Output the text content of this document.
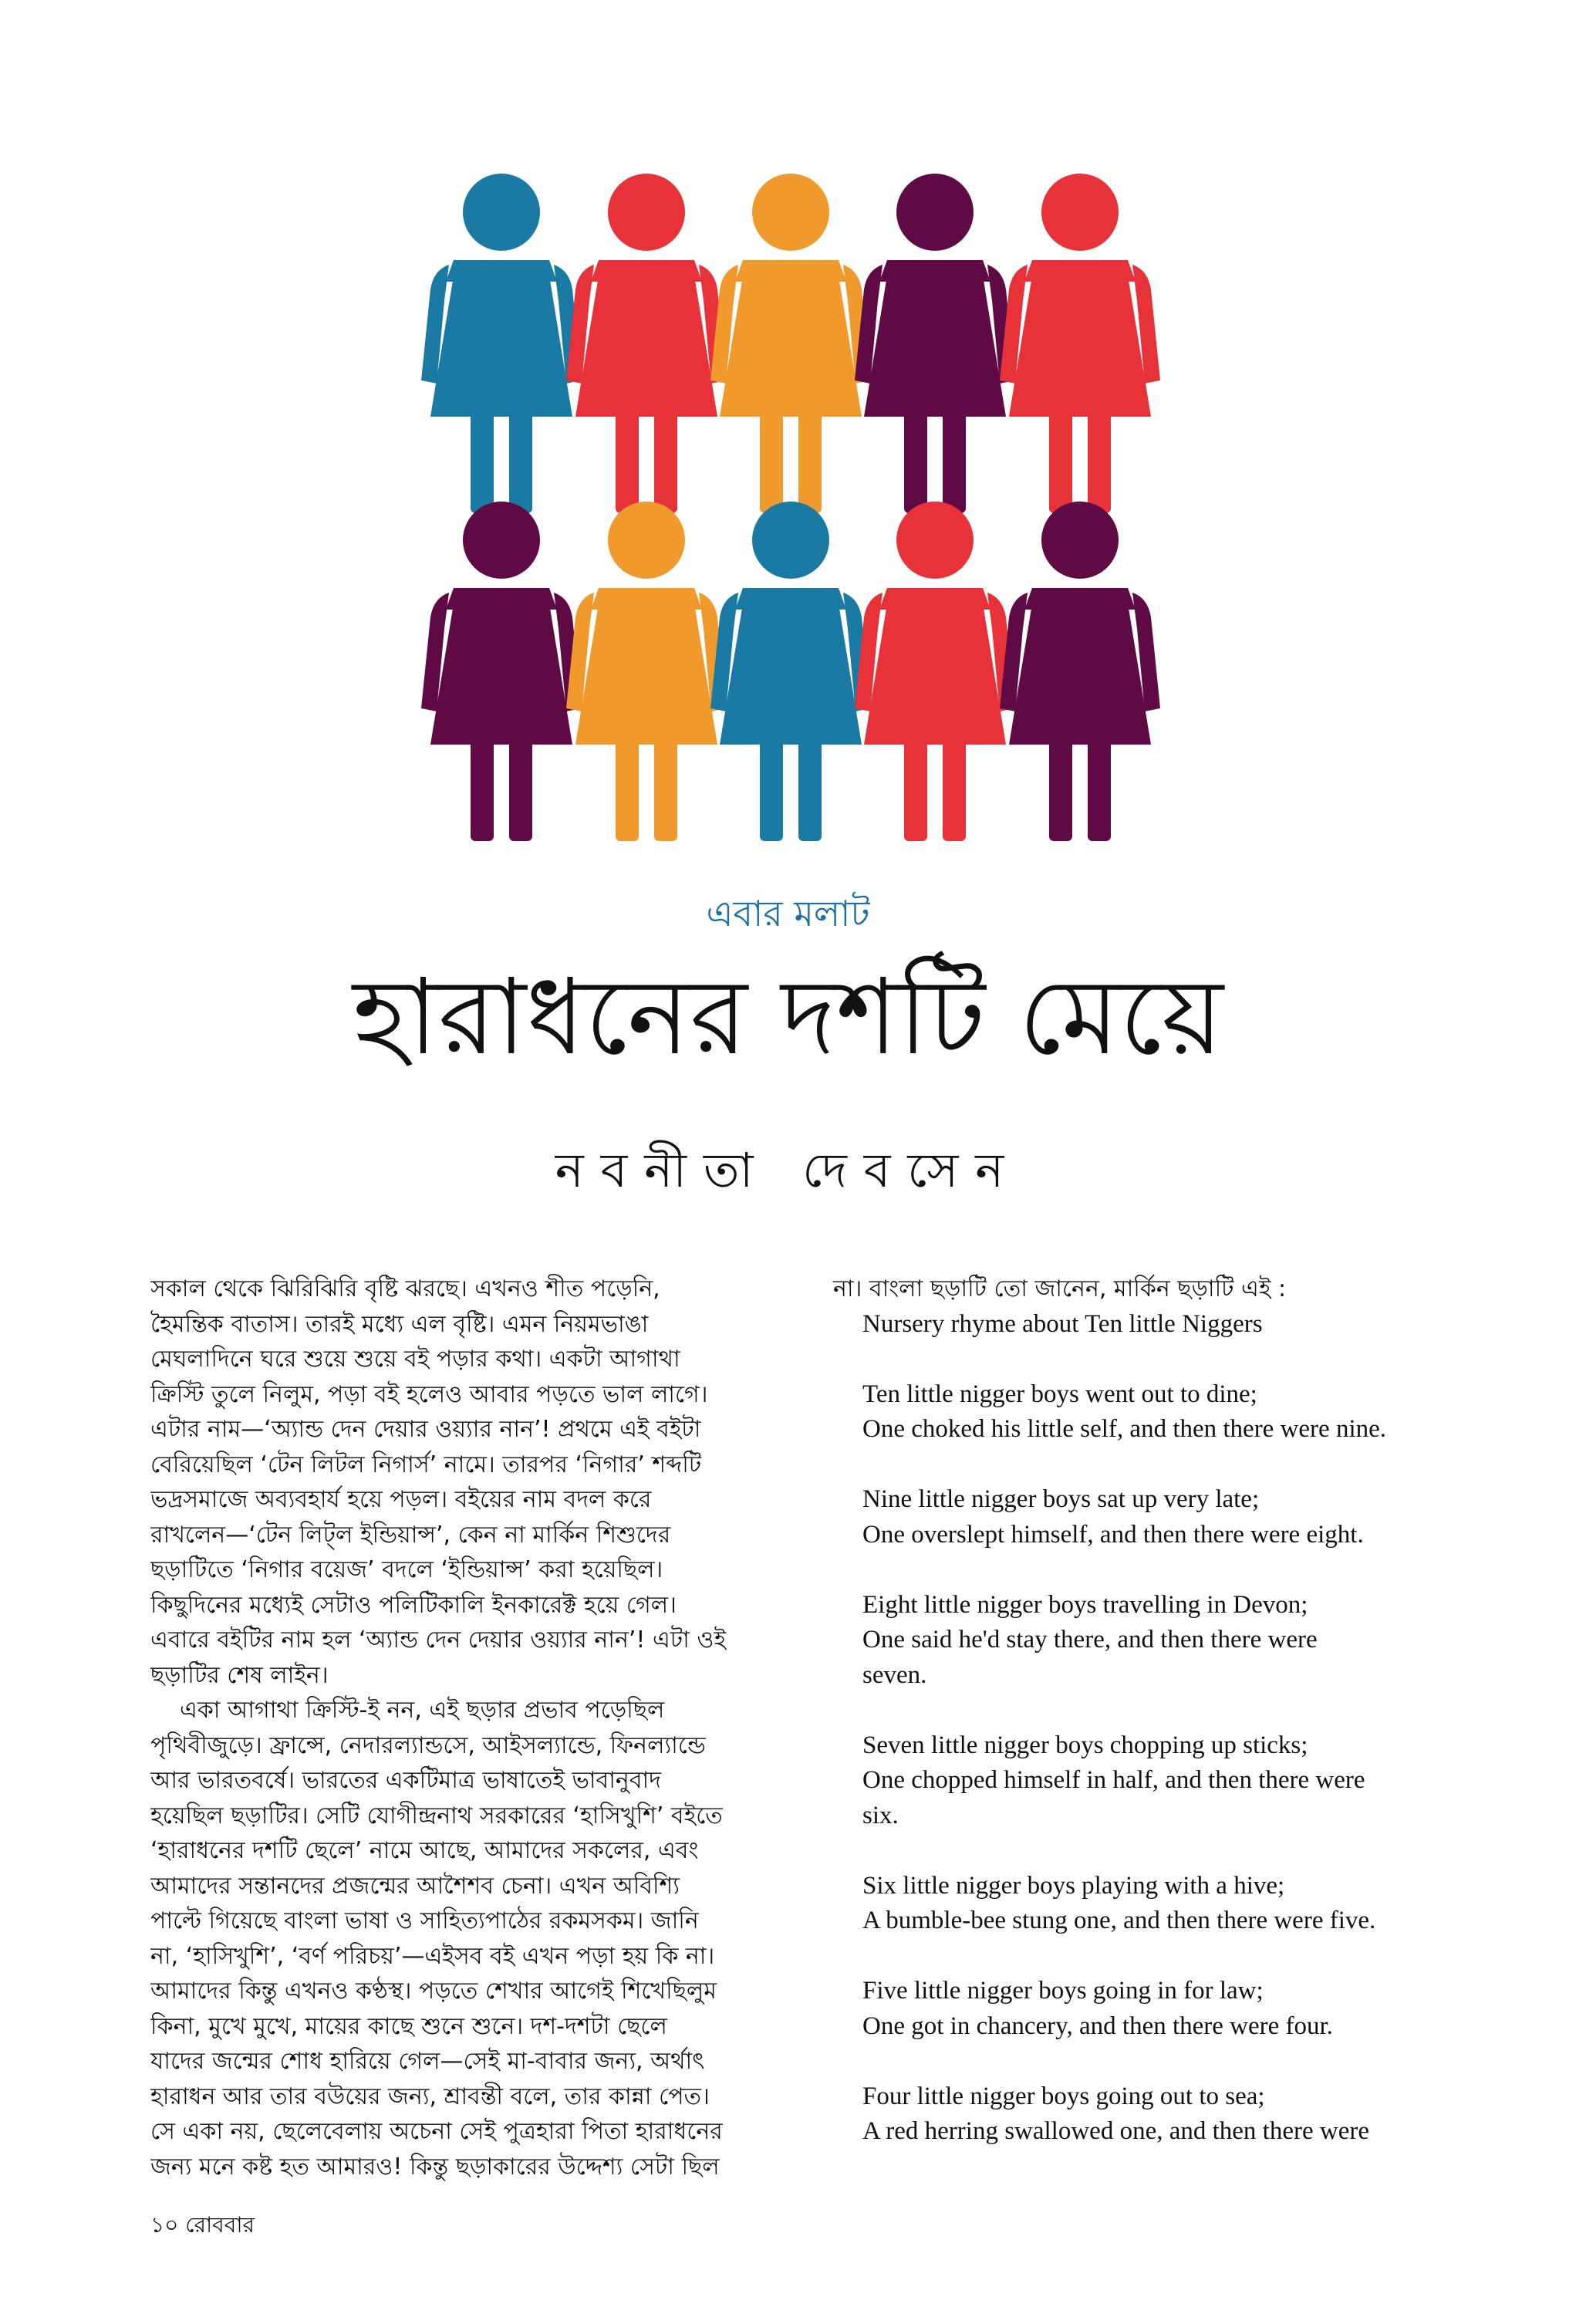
এবার মলাট

হারাধনের দশটি মেয়ে

নবনীতা দেবসেন

সকাল থেকে ঝিরিঝিরি বৃষ্টি ঝরছে। এখনও শীত পড়েনি,
হৈমন্তিক বাতাস। তারই মধ্যে এল বৃষ্টি। এমন নিয়মভাঙা
মেঘলাদিনে ঘরে শুয়ে শুয়ে বই পড়ার কথা। একটা আগাথা
ক্রিস্টি তুলে নিলুম, পড়া বই হলেও আবার পড়তে ভাল লাগে।
এটার নাম—‘অ্যান্ড দেন দেয়ার ওয়্যার নান’! প্রথমে এই বইটা
বেরিয়েছিল ‘টেন লিটল নিগার্স’ নামে। তারপর ‘নিগার’ শব্দটি
ভদ্রসমাজে অব্যবহার্য হয়ে পড়ল। বইয়ের নাম বদল করে
রাখলেন—‘টেন লিট্‌ল ইন্ডিয়ান্স’, কেন না মার্কিন শিশুদের
ছড়াটিতে ‘নিগার বয়েজ’ বদলে ‘ইন্ডিয়ান্স’ করা হয়েছিল।
কিছুদিনের মধ্যেই সেটাও পলিটিকালি ইনকারেক্ট হয়ে গেল।
এবারে বইটির নাম হল ‘অ্যান্ড দেন দেয়ার ওয়্যার নান’! এটা ওই
ছড়াটির শেষ লাইন।
একা আগাথা ক্রিস্টি-ই নন, এই ছড়ার প্রভাব পড়েছিল
পৃথিবীজুড়ে। ফ্রান্সে, নেদারল্যান্ডসে, আইসল্যান্ডে, ফিনল্যান্ডে
আর ভারতবর্ষে। ভারতের একটিমাত্র ভাষাতেই ভাবানুবাদ
হয়েছিল ছড়াটির। সেটি যোগীন্দ্রনাথ সরকারের ‘হাসিখুশি’ বইতে
‘হারাধনের দশটি ছেলে’ নামে আছে, আমাদের সকলের, এবং
আমাদের সন্তানদের প্রজন্মের আশৈশব চেনা। এখন অবিশ্যি
পাল্টে গিয়েছে বাংলা ভাষা ও সাহিত্যপাঠের রকমসকম। জানি
না, ‘হাসিখুশি’, ‘বর্ণ পরিচয়’—এইসব বই এখন পড়া হয় কি না।
আমাদের কিন্তু এখনও কণ্ঠস্থ। পড়তে শেখার আগেই শিখেছিলুম
কিনা, মুখে মুখে, মায়ের কাছে শুনে শুনে। দশ-দশটা ছেলে
যাদের জন্মের শোধ হারিয়ে গেল—সেই মা-বাবার জন্য, অর্থাৎ
হারাধন আর তার বউয়ের জন্য, শ্রাবন্তী বলে, তার কান্না পেত।
সে একা নয়, ছেলেবেলায় অচেনা সেই পুত্রহারা পিতা হারাধনের
জন্য মনে কষ্ট হত আমারও! কিন্তু ছড়াকারের উদ্দেশ্য সেটা ছিল
না। বাংলা ছড়াটি তো জানেন, মার্কিন ছড়াটি এই :
Nursery rhyme about Ten little Niggers
Ten little nigger boys went out to dine;
One choked his little self, and then there were nine.
Nine little nigger boys sat up very late;
One overslept himself, and then there were eight.
Eight little nigger boys travelling in Devon;
One said he'd stay there, and then there were
seven.
Seven little nigger boys chopping up sticks;
One chopped himself in half, and then there were
six.
Six little nigger boys playing with a hive;
A bumble-bee stung one, and then there were five.
Five little nigger boys going in for law;
One got in chancery, and then there were four.
Four little nigger boys going out to sea;
A red herring swallowed one, and then there were
১০ রোববার
